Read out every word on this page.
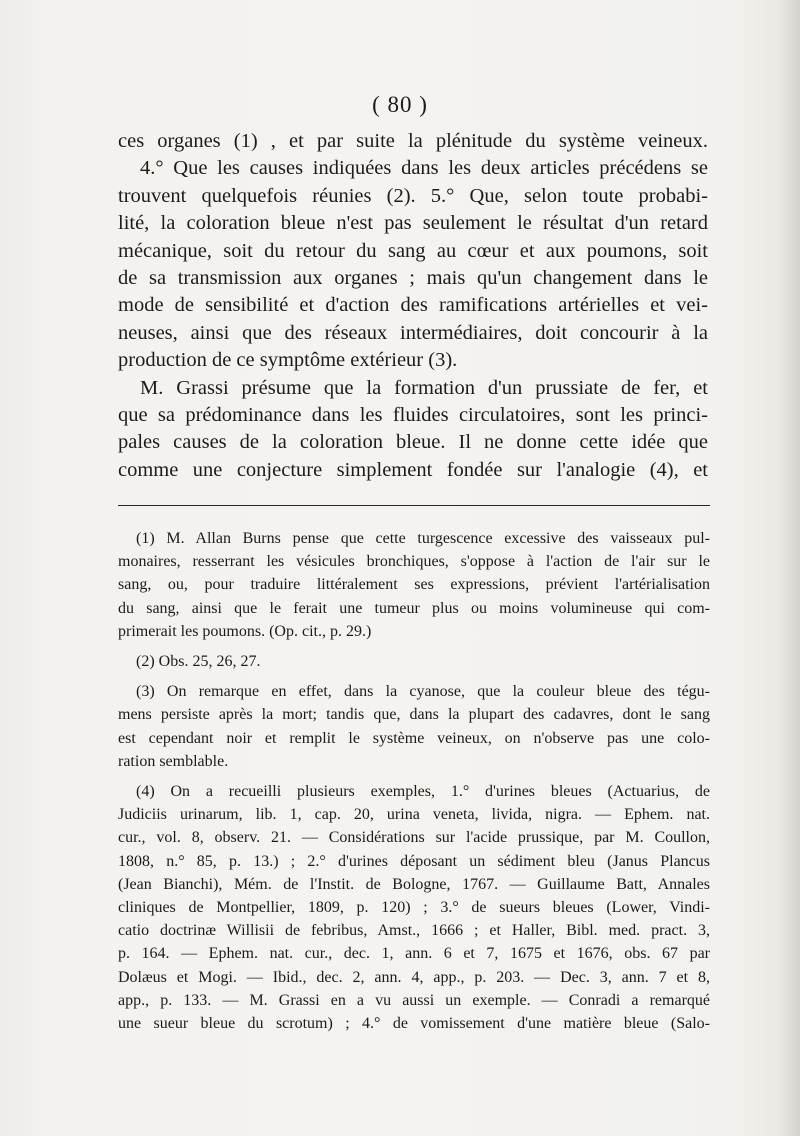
( 80 )
ces organes (1) , et par suite la plénitude du système veineux.
4.° Que les causes indiquées dans les deux articles précédens se
trouvent quelquefois réunies (2). 5.° Que, selon toute probabi-
lité, la coloration bleue n'est pas seulement le résultat d'un retard
mécanique, soit du retour du sang au cœur et aux poumons, soit
de sa transmission aux organes ; mais qu'un changement dans le
mode de sensibilité et d'action des ramifications artérielles et vei-
neuses, ainsi que des réseaux intermédiaires, doit concourir à la
production de ce symptôme extérieur (3).
M. Grassi présume que la formation d'un prussiate de fer, et
que sa prédominance dans les fluides circulatoires, sont les princi-
pales causes de la coloration bleue. Il ne donne cette idée que
comme une conjecture simplement fondée sur l'analogie (4), et
(1) M. Allan Burns pense que cette turgescence excessive des vaisseaux pul-
monaires, resserrant les vésicules bronchiques, s'oppose à l'action de l'air sur le
sang, ou, pour traduire littéralement ses expressions, prévient l'artérialisation
du sang, ainsi que le ferait une tumeur plus ou moins volumineuse qui com-
primerait les poumons. (Op. cit., p. 29.)
(2) Obs. 25, 26, 27.
(3) On remarque en effet, dans la cyanose, que la couleur bleue des tégu-
mens persiste après la mort; tandis que, dans la plupart des cadavres, dont le sang
est cependant noir et remplit le système veineux, on n'observe pas une colo-
ration semblable.
(4) On a recueilli plusieurs exemples, 1.° d'urines bleues (Actuarius, de
Judiciis urinarum, lib. 1, cap. 20, urina veneta, livida, nigra. — Ephem. nat.
cur., vol. 8, observ. 21. — Considérations sur l'acide prussique, par M. Coullon,
1808, n.° 85, p. 13.) ; 2.° d'urines déposant un sédiment bleu (Janus Plancus
(Jean Bianchi), Mém. de l'Instit. de Bologne, 1767. — Guillaume Batt, Annales
cliniques de Montpellier, 1809, p. 120) ; 3.° de sueurs bleues (Lower, Vindi-
catio doctrinæ Willisii de febribus, Amst., 1666 ; et Haller, Bibl. med. pract. 3,
p. 164. — Ephem. nat. cur., dec. 1, ann. 6 et 7, 1675 et 1676, obs. 67 par
Dolæus et Mogi. — Ibid., dec. 2, ann. 4, app., p. 203. — Dec. 3, ann. 7 et 8,
app., p. 133. — M. Grassi en a vu aussi un exemple. — Conradi a remarqué
une sueur bleue du scrotum) ; 4.° de vomissement d'une matière bleue (Salo-
